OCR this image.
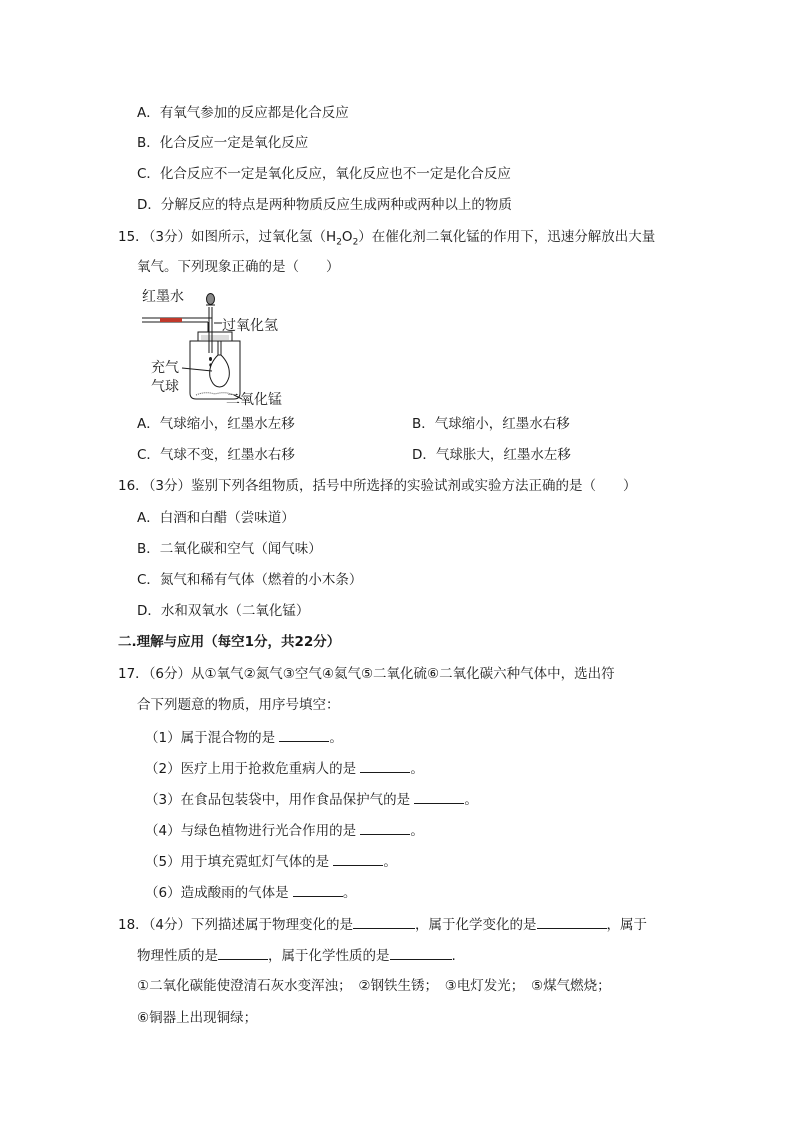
A．有氧气参加的反应都是化合反应
B．化合反应一定是氧化反应
C．化合反应不一定是氧化反应，氧化反应也不一定是化合反应
D．分解反应的特点是两种物质反应生成两种或两种以上的物质
15．（3分）如图所示，过氧化氢$(H_2O_2)$在催化剂二氧化锰的作用下，迅速分解放出大量
氧气。下列现象正确的是（　　）
红墨水
过氧化氢
充气
气球
二氧化锰
A．气球缩小，红墨水左移	B．气球缩小，红墨水右移
C．气球不变，红墨水右移	D．气球胀大，红墨水左移
16．（3分）鉴别下列各组物质，括号中所选择的实验试剂或实验方法正确的是（　　）
A．白酒和白醋（尝味道）
B．二氧化碳和空气（闻气味）
C．氮气和稀有气体（燃着的小木条）
D．水和双氧水（二氧化锰）
二.理解与应用（每空1分，共22分）
17．（6分）从①氧气②氮气③空气④氦气⑤二氧化硫⑥二氧化碳六种气体中，选出符
合下列题意的物质，用序号填空：
（1）属于混合物的是	。
（2）医疗上用于抢救危重病人的是	。
（3）在食品包装袋中，用作食品保护气的是	。
（4）与绿色植物进行光合作用的是	。
（5）用于填充霓虹灯气体的是	。
（6）造成酸雨的气体是	。
18．（4分）下列描述属于物理变化的是	，属于化学变化的是	，属于
物理性质的是	，属于化学性质的是	.
①二氧化碳能使澄清石灰水变浑浊；　②钢铁生锈；　③电灯发光；　⑤煤气燃烧；
⑥铜器上出现铜绿；
